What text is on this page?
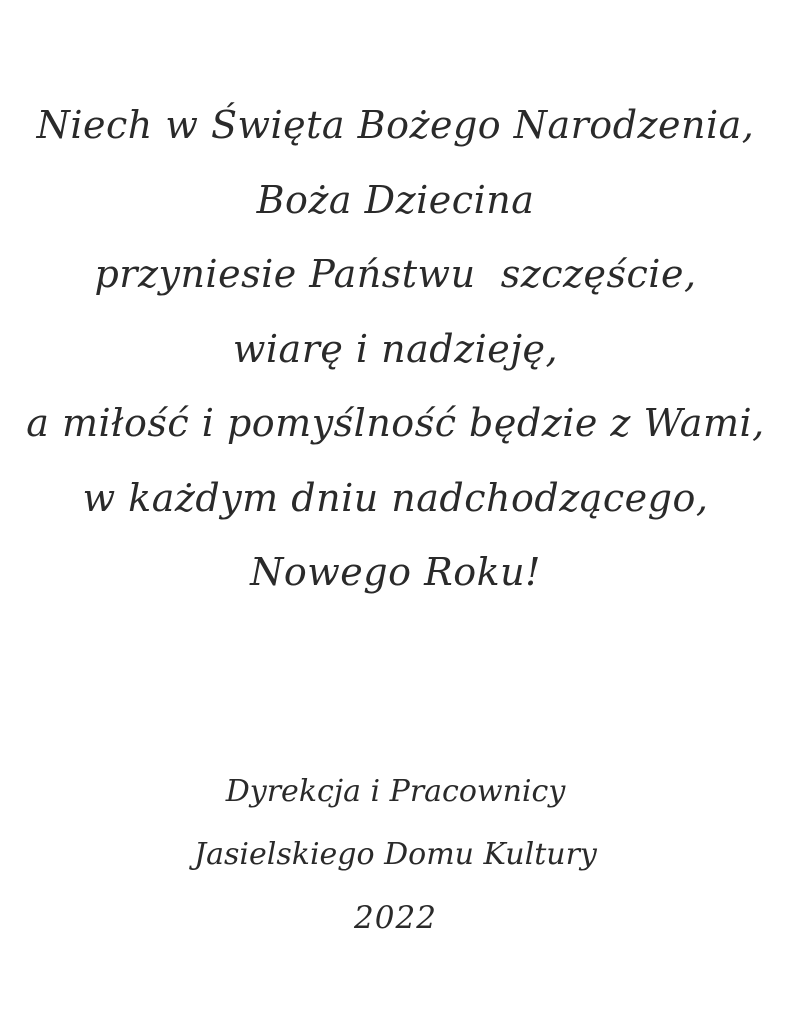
Niech w Święta Bożego Narodzenia,
Boża Dziecina
przyniesie Państwu  szczęście,
wiarę i nadzieję,
a miłość i pomyślność będzie z Wami,
w każdym dniu nadchodzącego,
Nowego Roku!
Dyrekcja i Pracownicy
Jasielskiego Domu Kultury
2022
